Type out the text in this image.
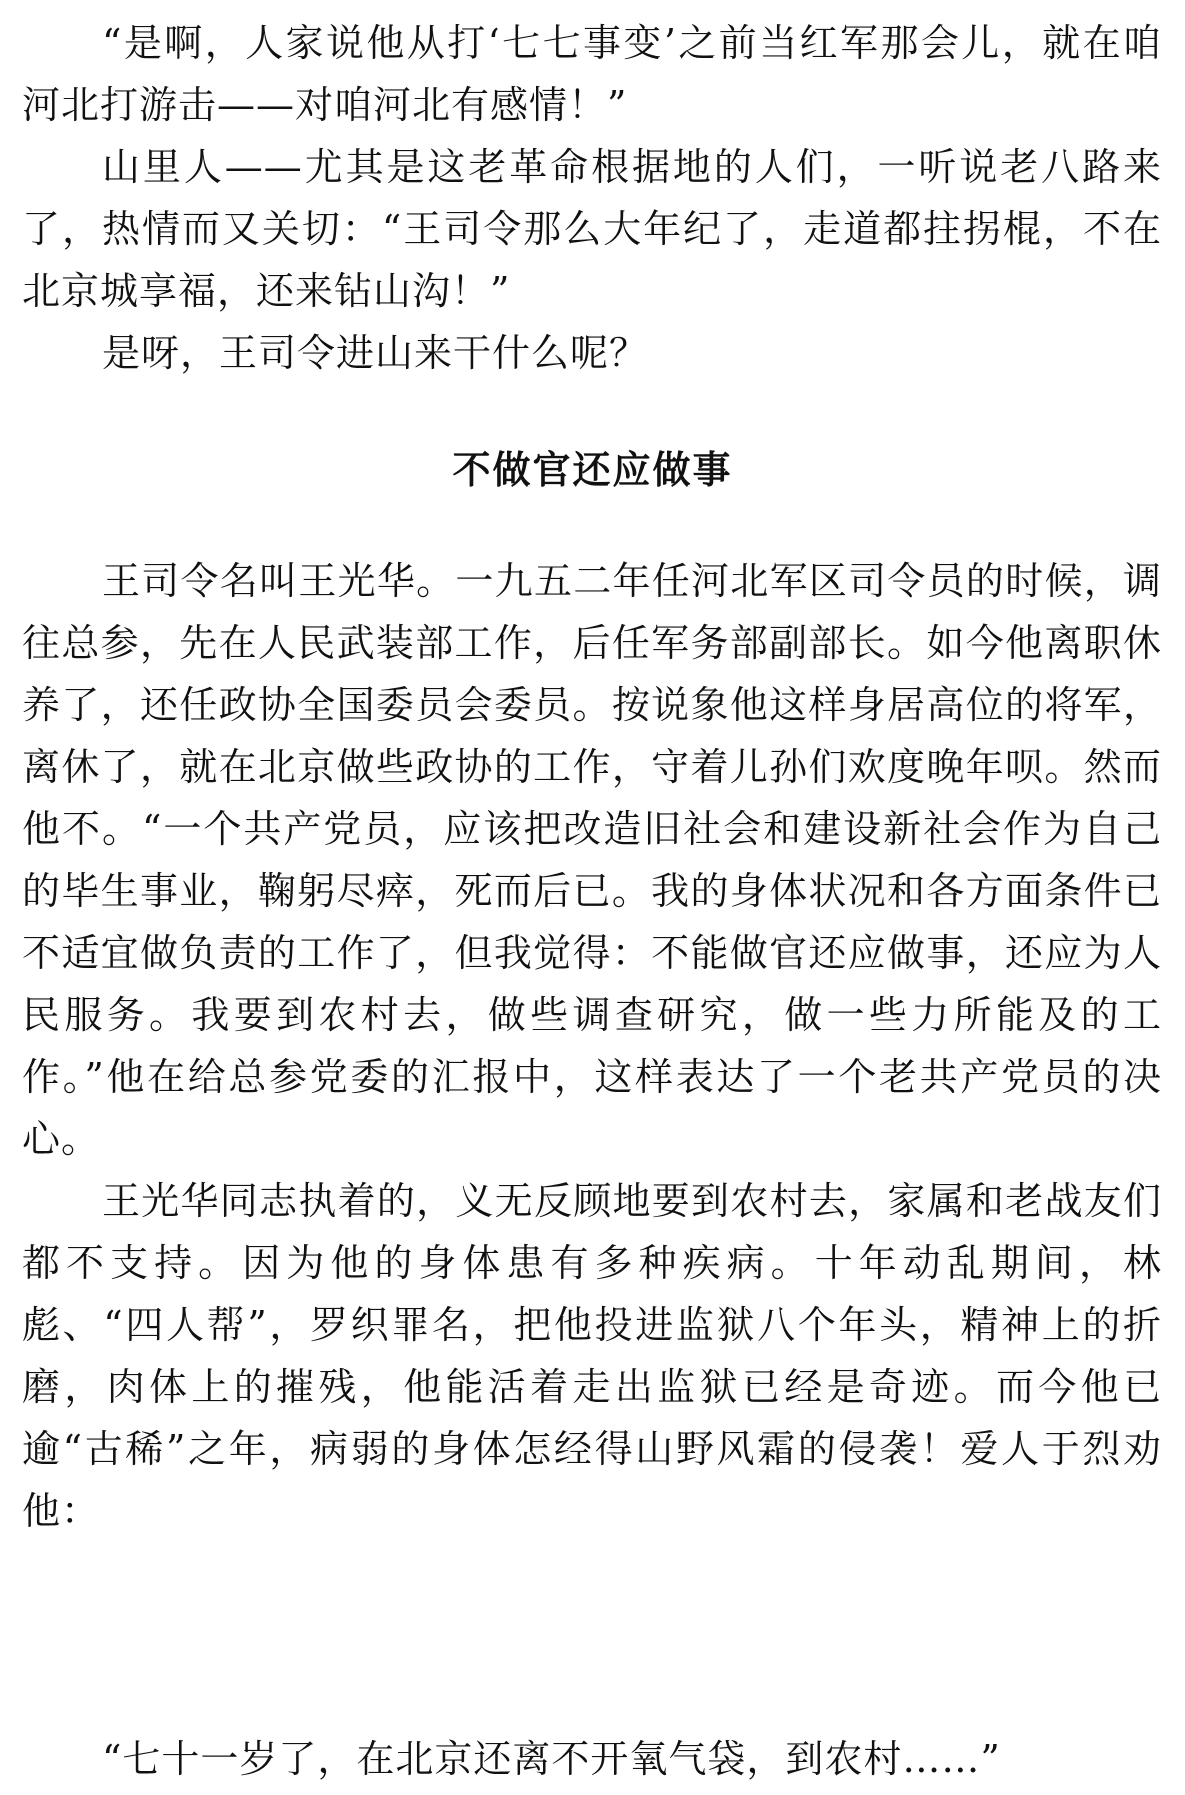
“是啊，人家说他从打‘七七事变’之前当红军那会儿，就在咱河北打游击——对咱河北有感情！”
山里人——尤其是这老革命根据地的人们，一听说老八路来了，热情而又关切：“王司令那么大年纪了，走道都拄拐棍，不在北京城享福，还来钻山沟！”
是呀，王司令进山来干什么呢？
不做官还应做事
王司令名叫王光华。一九五二年任河北军区司令员的时候，调往总参，先在人民武装部工作，后任军务部副部长。如今他离职休养了，还任政协全国委员会委员。按说象他这样身居高位的将军，离休了，就在北京做些政协的工作，守着儿孙们欢度晚年呗。然而他不。“一个共产党员，应该把改造旧社会和建设新社会作为自己的毕生事业，鞠躬尽瘁，死而后已。我的身体状况和各方面条件已不适宜做负责的工作了，但我觉得：不能做官还应做事，还应为人民服务。我要到农村去，做些调查研究，做一些力所能及的工作。”他在给总参党委的汇报中，这样表达了一个老共产党员的决心。
王光华同志执着的，义无反顾地要到农村去，家属和老战友们都不支持。因为他的身体患有多种疾病。十年动乱期间，林彪、“四人帮”，罗织罪名，把他投进监狱八个年头，精神上的折磨，肉体上的摧残，他能活着走出监狱已经是奇迹。而今他已逾“古稀”之年，病弱的身体怎经得山野风霜的侵袭！爱人于烈劝他：
“七十一岁了，在北京还离不开氧气袋，到农村……”
